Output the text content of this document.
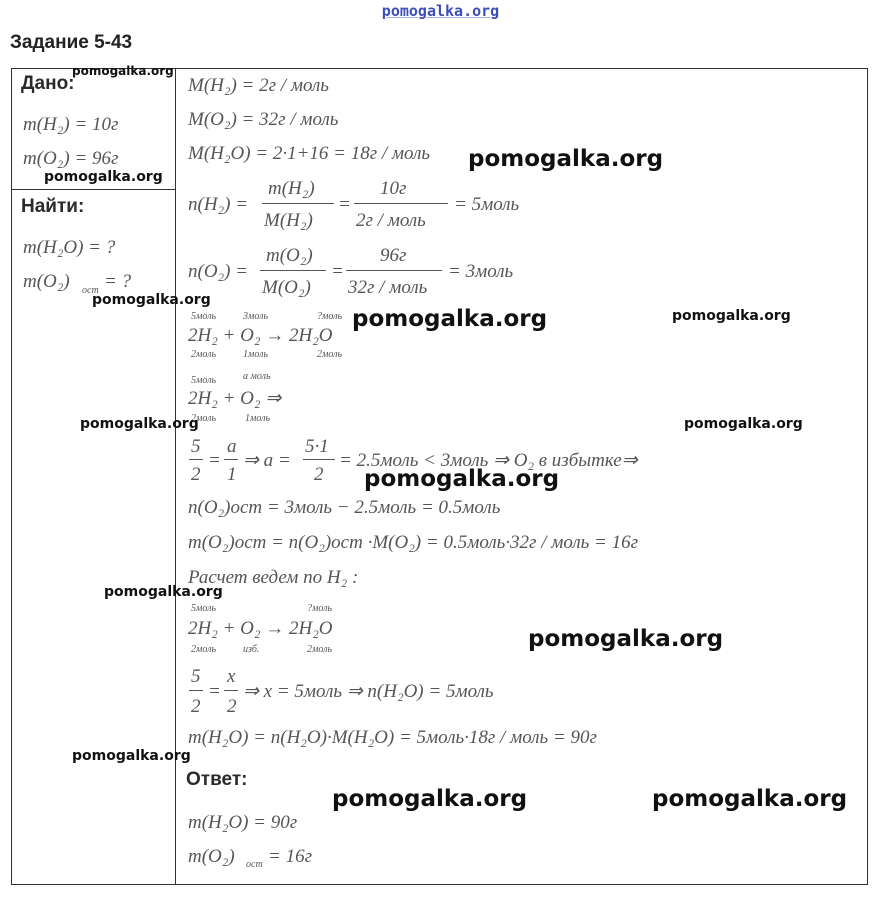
pomogalka.org
Задание 5-43
Дано:
m(H₂) = 10г
m(O₂) = 96г
Найти:
m(H₂O) = ?
m(O₂) ост = ?
M(H₂) = 2г / моль
M(O₂) = 32г / моль
M(H₂O) = 2·1+16 = 18г / моль
n(H₂) =
m(H₂)
M(H₂)
=
10г
2г / моль
= 5моль
n(O₂) =
m(O₂)
M(O₂)
=
96г
32г / моль
= 3моль
5моль	3моль	?моль
2H₂ + O₂ → 2H₂O
2моль	1моль	2моль
5моль	a моль
2H₂ + O₂ ⇒
2моль	1моль
5
2
=
a
1
⇒ a =
5·1
2
= 2.5моль < 3моль ⇒ O₂ в избытке⇒
n(O₂)ост = 3моль − 2.5моль = 0.5моль
m(O₂)ост = n(O₂)ост ·M(O₂) = 0.5моль·32г / моль = 16г
Расчет ведем по H₂ :
5моль	?моль
2H₂ + O₂ → 2H₂O
2моль	изб.	2моль
5
2
=
x
2
⇒ x = 5моль ⇒ n(H₂O) = 5моль
m(H₂O) = n(H₂O)·M(H₂O) = 5моль·18г / моль = 90г
Ответ:
m(H₂O) = 90г
m(O₂) ост = 16г
pomogalka.org
pomogalka.org
pomogalka.org
pomogalka.org
pomogalka.org	pomogalka.org
pomogalka.org	pomogalka.org
pomogalka.org
pomogalka.org
pomogalka.org
pomogalka.org
pomogalka.org	pomogalka.org
